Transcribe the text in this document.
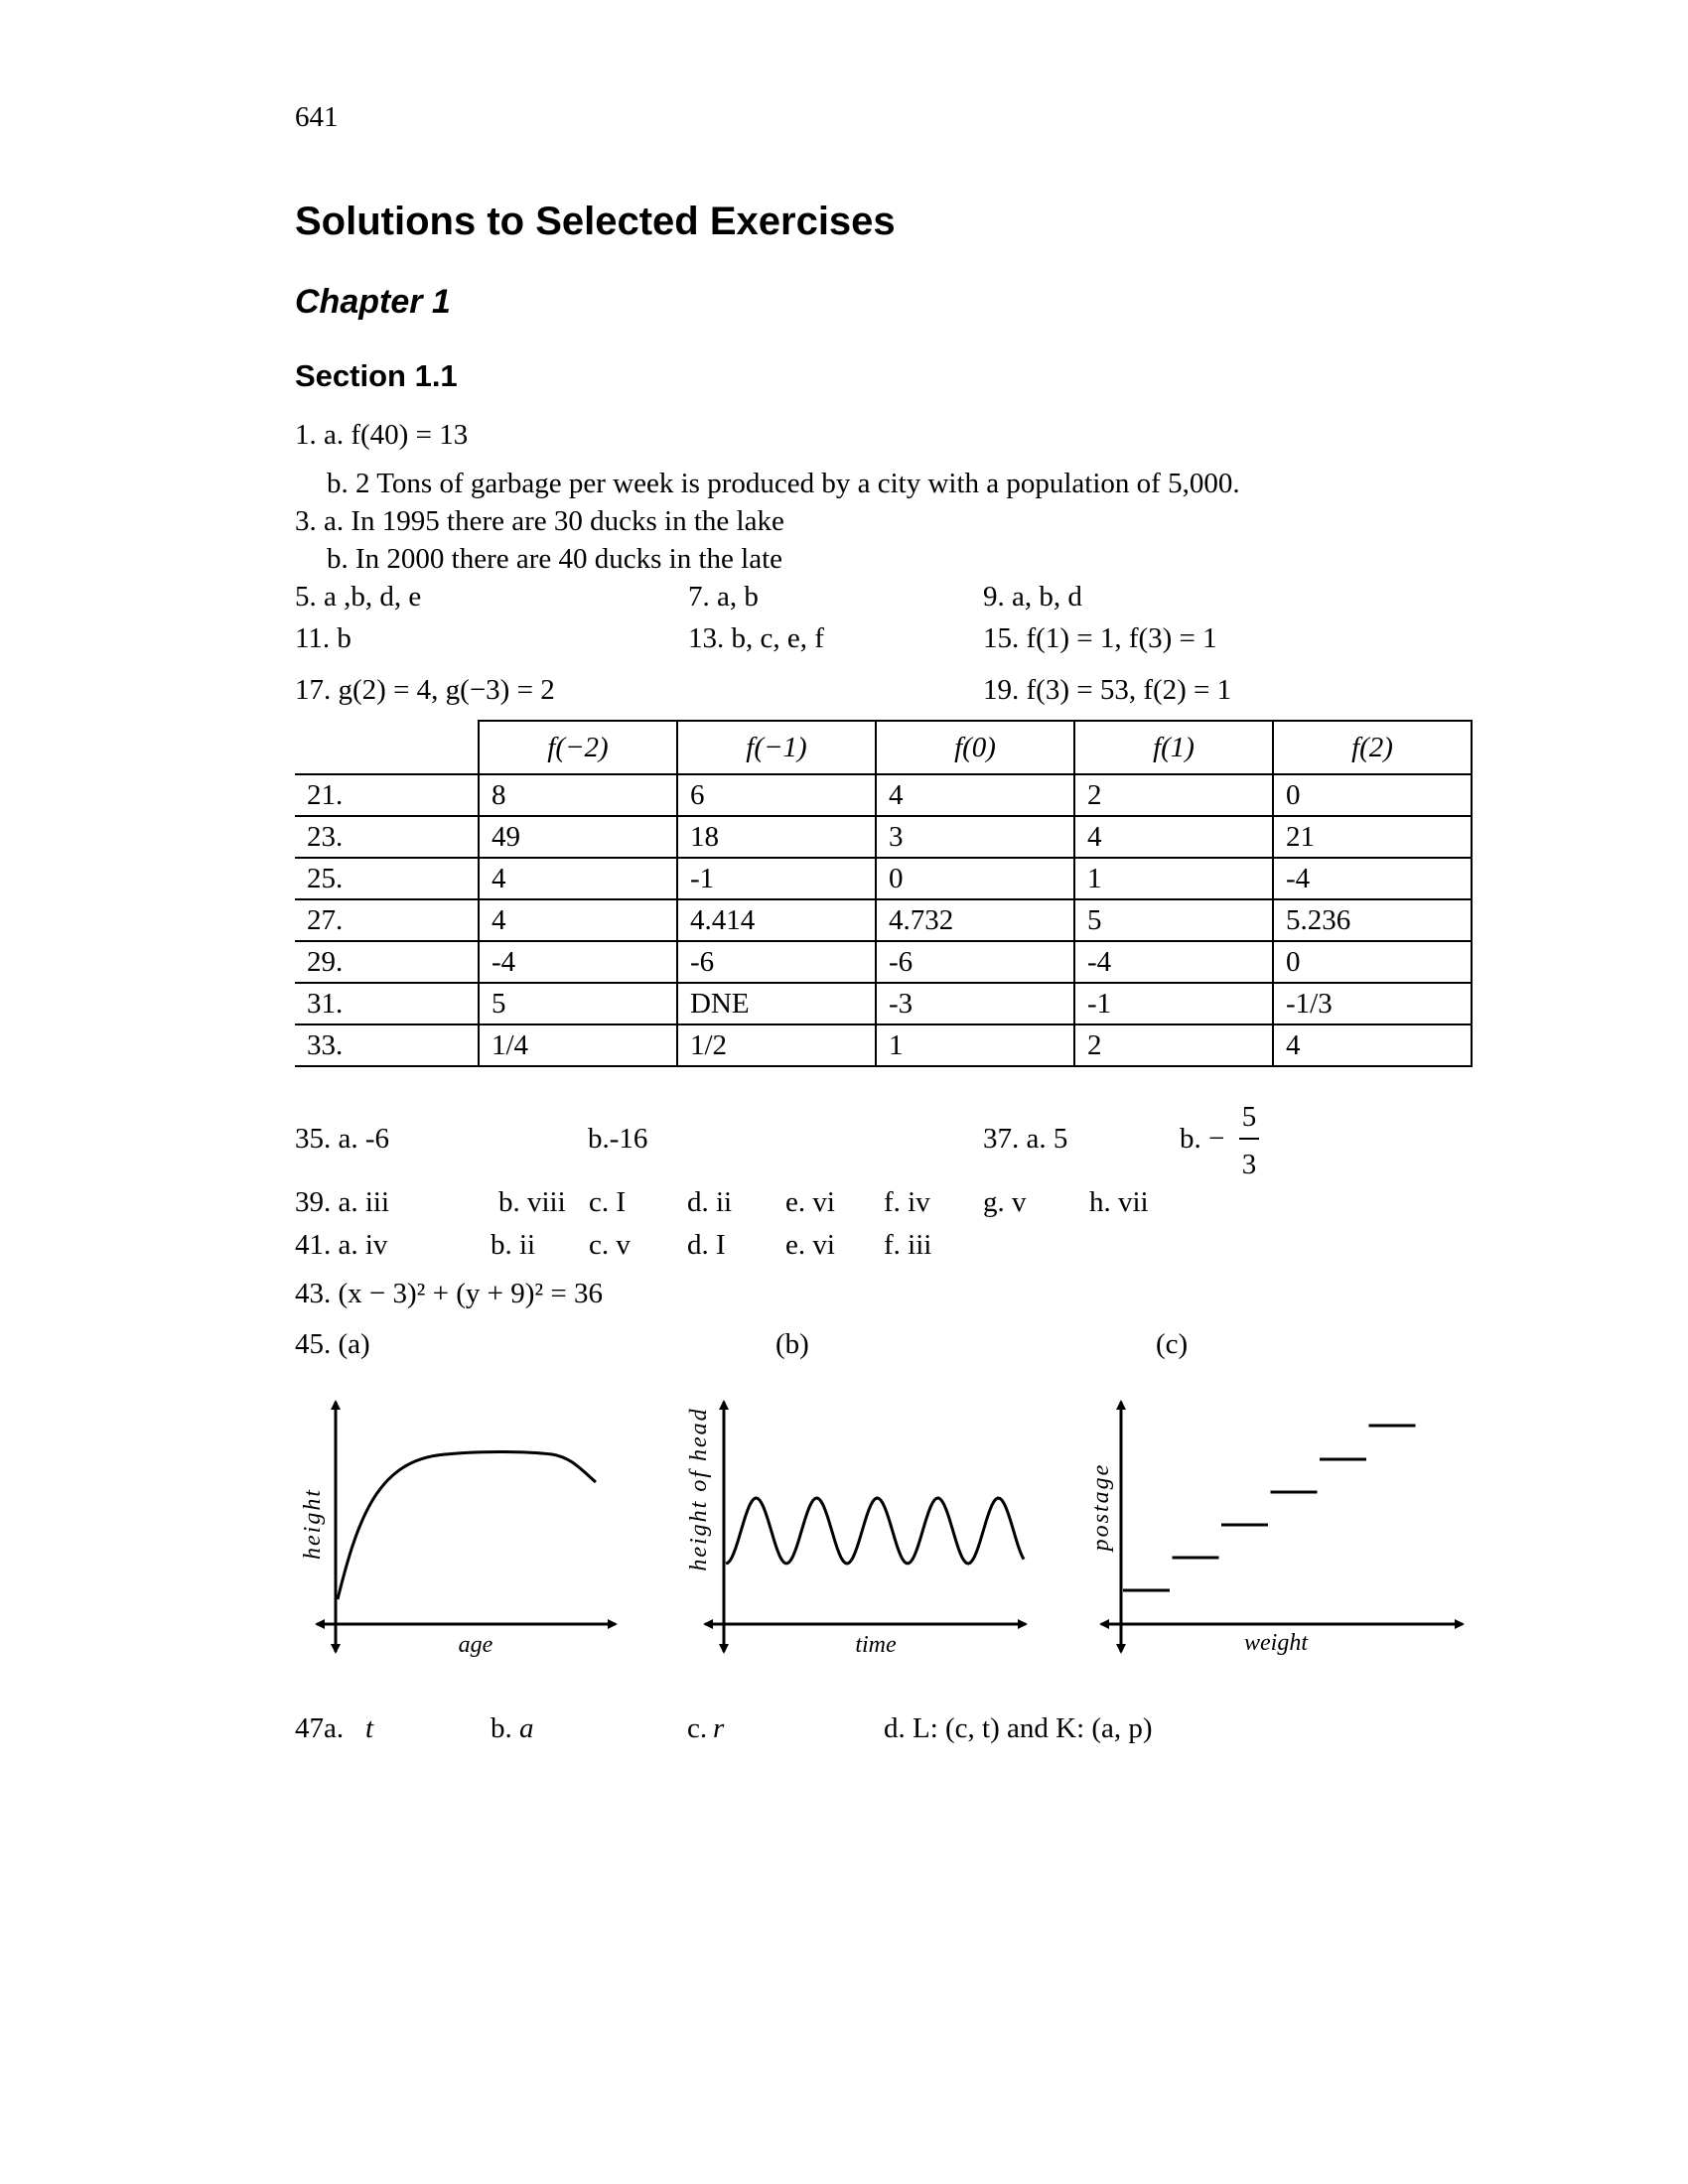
641
Solutions to Selected Exercises
Chapter 1
Section 1.1
1. a. f(40) = 13
b. 2 Tons of garbage per week is produced by a city with a population of 5,000.
3. a. In 1995 there are 30 ducks in the lake
b. In 2000 there are 40 ducks in the late
5. a ,b, d, e	7. a, b	9. a, b, d
11. b	13. b, c, e, f	15. f(1) = 1, f(3) = 1
17. g(2) = 4, g(−3) = 2	19. f(3) = 53, f(2) = 1
	f(−2)	f(−1)	f(0)	f(1)	f(2)
21.	8	6	4	2	0
23.	49	18	3	4	21
25.	4	-1	0	1	-4
27.	4	4.414	4.732	5	5.236
29.	-4	-6	-6	-4	0
31.	5	DNE	-3	-1	-1/3
33.	1/4	1/2	1	2	4
35. a. -6	b.-16	37. a. 5	b. −
5
3
39. a. iii	b. viii c. I d. ii e. vi f. iv g. v h. vii
41. a. iv	b. ii c. v d. I e. vi f. iii
43. (x − 3)² + (y + 9)² = 36
45. (a)	(b)	(c)
age
height
time
height of head
weight
postage
47a. t	b. a	c. r	d. L: (c, t) and K: (a, p)
